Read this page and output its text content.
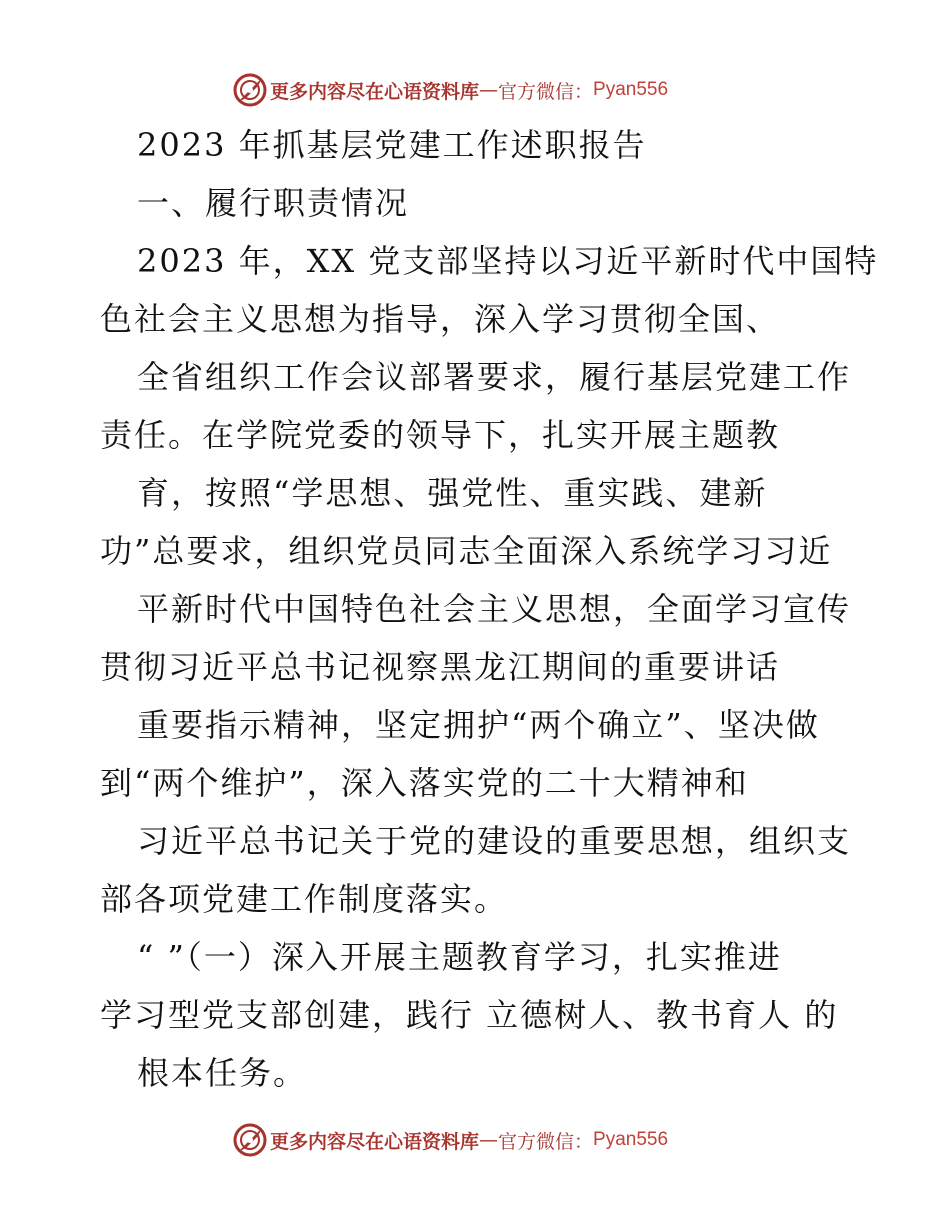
更多内容尽在心语资料库 — 官方微信： Pyan556
2023 年抓基层党建工作述职报告
一、履行职责情况
2023 年，XX 党支部坚持以习近平新时代中国特
色社会主义思想为指导，深入学习贯彻全国、
全省组织工作会议部署要求，履行基层党建工作
责任。在学院党委的领导下，扎实开展主题教
育，按照“学思想、强党性、重实践、建新
功”总要求，组织党员同志全面深入系统学习习近
平新时代中国特色社会主义思想，全面学习宣传
贯彻习近平总书记视察黑龙江期间的重要讲话
重要指示精神，坚定拥护“两个确立”、坚决做
到“两个维护”，深入落实党的二十大精神和
习近平总书记关于党的建设的重要思想，组织支
部各项党建工作制度落实。
“ ”（一）深入开展主题教育学习，扎实推进
学习型党支部创建，践行 立德树人、教书育人 的
根本任务。
更多内容尽在心语资料库 — 官方微信： Pyan556
